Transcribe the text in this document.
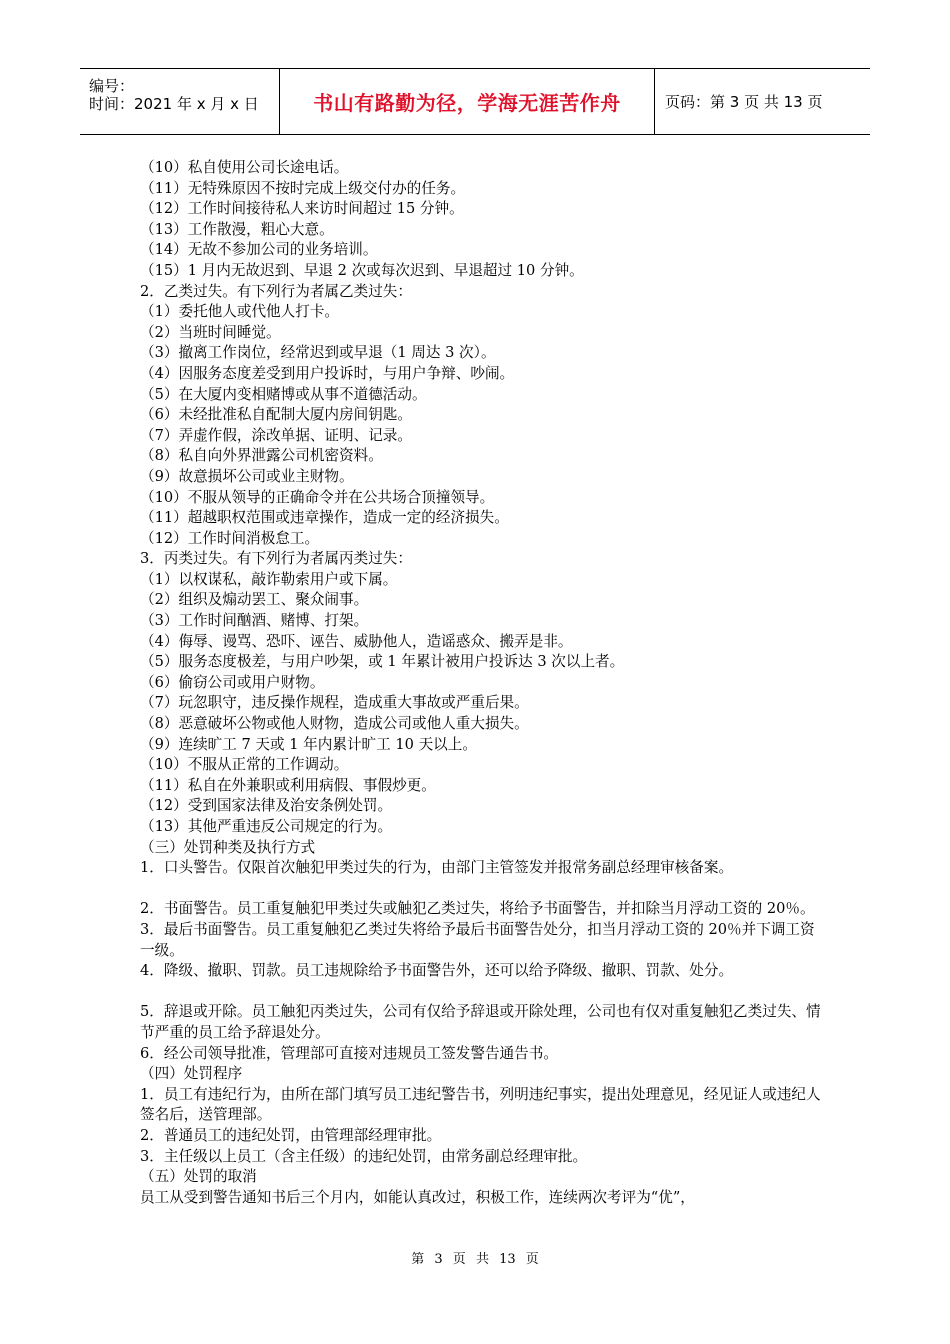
编号：
时间：2021 年 x 月 x 日	书山有路勤为径，学海无涯苦作舟	页码：第 3 页 共 13 页
（10）私自使用公司长途电话。
（11）无特殊原因不按时完成上级交付办的任务。
（12）工作时间接待私人来访时间超过 15 分钟。
（13）工作散漫，粗心大意。
（14）无故不参加公司的业务培训。
（15）1 月内无故迟到、早退 2 次或每次迟到、早退超过 10 分钟。
2．乙类过失。有下列行为者属乙类过失：
（1）委托他人或代他人打卡。
（2）当班时间睡觉。
（3）撤离工作岗位，经常迟到或早退（1 周达 3 次）。
（4）因服务态度差受到用户投诉时，与用户争辩、吵闹。
（5）在大厦内变相赌博或从事不道德活动。
（6）未经批准私自配制大厦内房间钥匙。
（7）弄虚作假，涂改单据、证明、记录。
（8）私自向外界泄露公司机密资料。
（9）故意损坏公司或业主财物。
（10）不服从领导的正确命令并在公共场合顶撞领导。
（11）超越职权范围或违章操作，造成一定的经济损失。
（12）工作时间消极怠工。
3．丙类过失。有下列行为者属丙类过失：
（1）以权谋私，敲诈勒索用户或下属。
（2）组织及煽动罢工、聚众闹事。
（3）工作时间酗酒、赌博、打架。
（4）侮辱、谩骂、恐吓、诬告、威胁他人，造谣惑众、搬弄是非。
（5）服务态度极差，与用户吵架，或 1 年累计被用户投诉达 3 次以上者。
（6）偷窃公司或用户财物。
（7）玩忽职守，违反操作规程，造成重大事故或严重后果。
（8）恶意破坏公物或他人财物，造成公司或他人重大损失。
（9）连续旷工 7 天或 1 年内累计旷工 10 天以上。
（10）不服从正常的工作调动。
（11）私自在外兼职或利用病假、事假炒更。
（12）受到国家法律及治安条例处罚。
（13）其他严重违反公司规定的行为。
（三）处罚种类及执行方式
1．口头警告。仅限首次触犯甲类过失的行为，由部门主管签发并报常务副总经理审核备案。
2．书面警告。员工重复触犯甲类过失或触犯乙类过失，将给予书面警告，并扣除当月浮动工资的 20％。
3．最后书面警告。员工重复触犯乙类过失将给予最后书面警告处分，扣当月浮动工资的 20％并下调工资一级。
4．降级、撤职、罚款。员工违规除给予书面警告外，还可以给予降级、撤职、罚款、处分。
5．辞退或开除。员工触犯丙类过失，公司有仅给予辞退或开除处理，公司也有仅对重复触犯乙类过失、情节严重的员工给予辞退处分。
6．经公司领导批准，管理部可直接对违规员工签发警告通告书。
（四）处罚程序
1．员工有违纪行为，由所在部门填写员工违纪警告书，列明违纪事实，提出处理意见，经见证人或违纪人签名后，送管理部。
2．普通员工的违纪处罚，由管理部经理审批。
3．主任级以上员工（含主任级）的违纪处罚，由常务副总经理审批。
（五）处罚的取消
员工从受到警告通知书后三个月内，如能认真改过，积极工作，连续两次考评为“优”，
第 3 页 共 13 页
